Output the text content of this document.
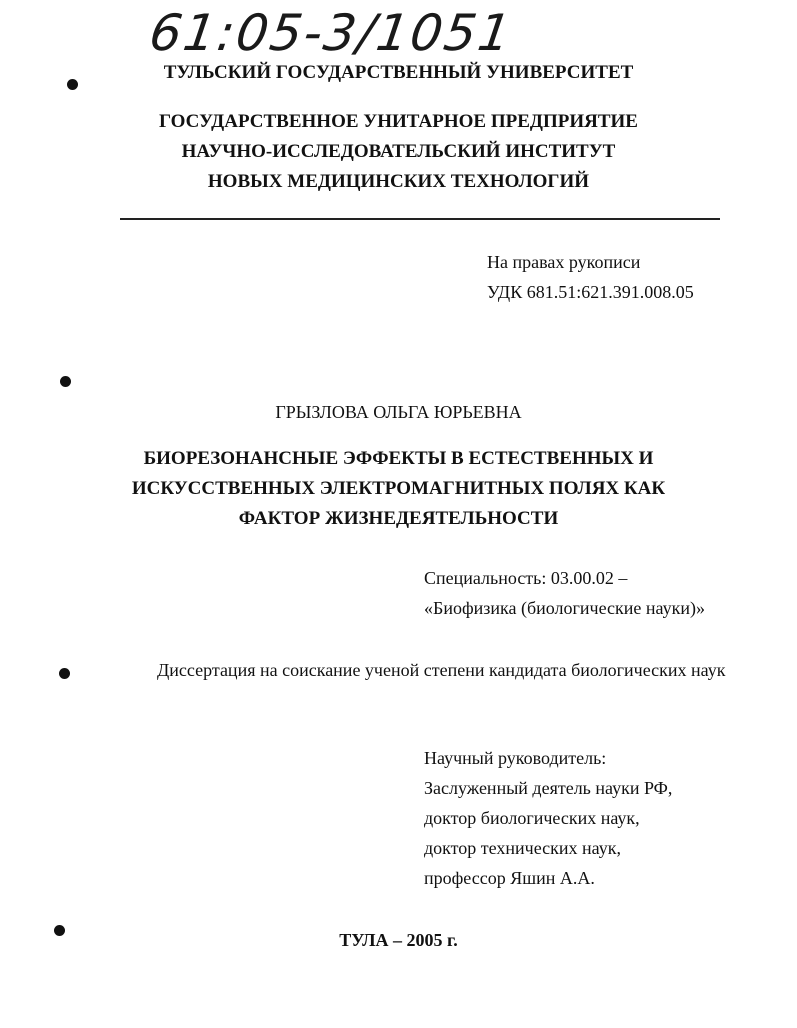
61:05-3/1051
ТУЛЬСКИЙ ГОСУДАРСТВЕННЫЙ УНИВЕРСИТЕТ
ГОСУДАРСТВЕННОЕ УНИТАРНОЕ ПРЕДПРИЯТИЕ
НАУЧНО-ИССЛЕДОВАТЕЛЬСКИЙ ИНСТИТУТ
НОВЫХ МЕДИЦИНСКИХ ТЕХНОЛОГИЙ
На правах рукописи
УДК 681.51:621.391.008.05
ГРЫЗЛОВА ОЛЬГА ЮРЬЕВНА
БИОРЕЗОНАНСНЫЕ ЭФФЕКТЫ В ЕСТЕСТВЕННЫХ И
ИСКУССТВЕННЫХ ЭЛЕКТРОМАГНИТНЫХ ПОЛЯХ КАК
ФАКТОР ЖИЗНЕДЕЯТЕЛЬНОСТИ
Специальность: 03.00.02 –
«Биофизика (биологические науки)»
Диссертация на соискание ученой степени кандидата биологических наук
Научный руководитель:
Заслуженный деятель науки РФ,
доктор биологических наук,
доктор технических наук,
профессор Яшин А.А.
ТУЛА – 2005 г.
